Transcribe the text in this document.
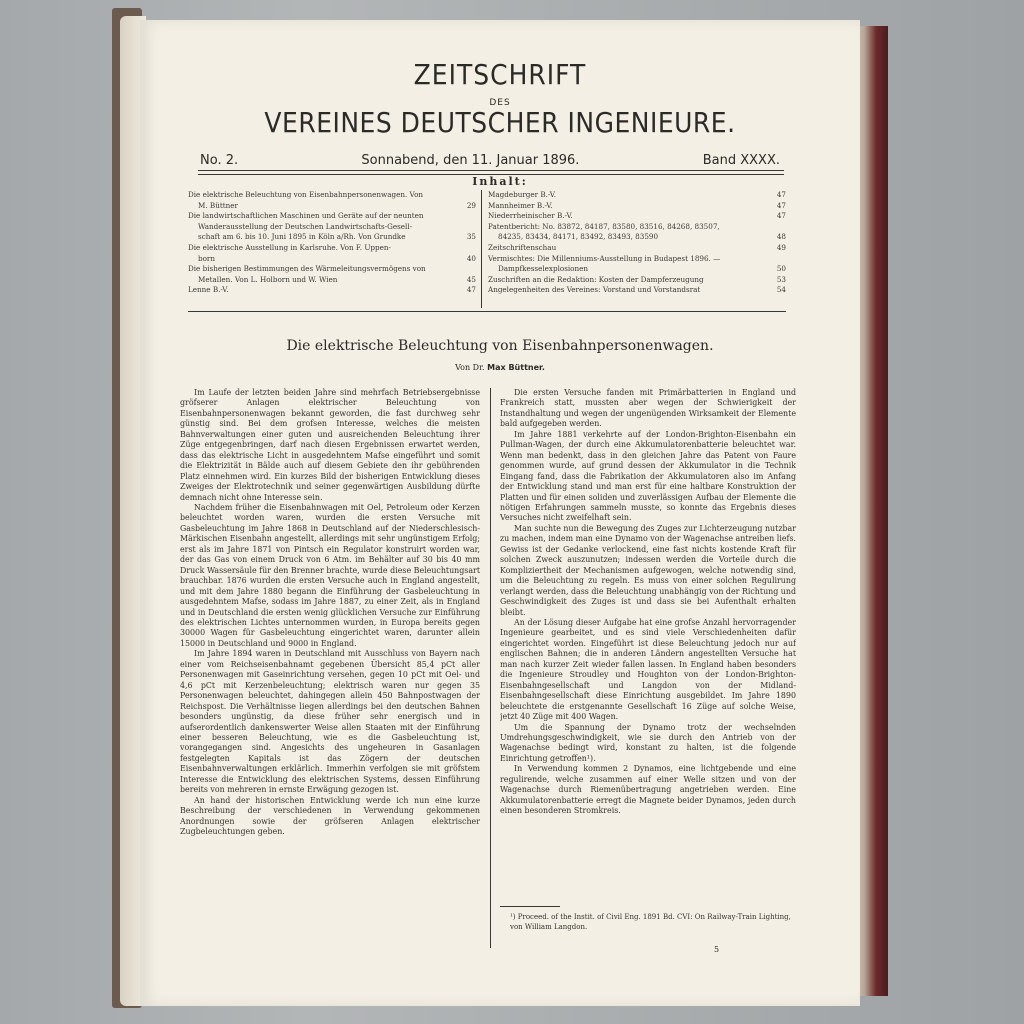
ZEITSCHRIFT
DES
VEREINES DEUTSCHER INGENIEURE.
No. 2.	Sonnabend, den 11. Januar 1896.	Band XXXX.
Inhalt:
Die elektrische Beleuchtung von Eisenbahnpersonenwagen. Von
M. Büttner	29
Die landwirtschaftlichen Maschinen und Geräte auf der neunten
Wanderausstellung der Deutschen Landwirtschafts-Gesell-
schaft am 6. bis 10. Juni 1895 in Köln a/Rh. Von Grundke	35
Die elektrische Ausstellung in Karlsruhe. Von F. Uppen-
born	40
Die bisherigen Bestimmungen des Wärmeleitungsvermögens von
Metallen. Von L. Holborn und W. Wien	45
Lenne B.-V.	47
Magdeburger B.-V.	47
Mannheimer B.-V.	47
Niederrheinischer B.-V.	47
Patentbericht: No. 83872, 84187, 83580, 83516, 84268, 83507,
84235, 83434, 84171, 83492, 83493, 83590	48
Zeitschriftenschau	49
Vermischtes: Die Millenniums-Ausstellung in Budapest 1896. —
Dampfkesselexplosionen	50
Zuschriften an die Redaktion: Kosten der Dampferzeugung	53
Angelegenheiten des Vereines: Vorstand und Vorstandsrat	54
Die elektrische Beleuchtung von Eisenbahnpersonenwagen.
Von Dr. Max Büttner.

Im Laufe der letzten beiden Jahre sind mehrfach Betriebsergebnisse gröfserer Anlagen elektrischer Beleuchtung von Eisenbahnpersonenwagen bekannt geworden, die fast durchweg sehr günstig sind. Bei dem grofsen Interesse, welches die meisten Bahnverwaltungen einer guten und ausreichenden Beleuchtung ihrer Züge entgegenbringen, darf nach diesen Ergebnissen erwartet werden, dass das elektrische Licht in ausgedehntem Mafse eingeführt und somit die Elektrizität in Bälde auch auf diesem Gebiete den ihr gebührenden Platz einnehmen wird. Ein kurzes Bild der bisherigen Entwicklung dieses Zweiges der Elektrotechnik und seiner gegenwärtigen Ausbildung dürfte demnach nicht ohne Interesse sein.

Nachdem früher die Eisenbahnwagen mit Oel, Petroleum oder Kerzen beleuchtet worden waren, wurden die ersten Versuche mit Gasbeleuchtung im Jahre 1868 in Deutschland auf der Niederschlesisch-Märkischen Eisenbahn angestellt, allerdings mit sehr ungünstigem Erfolg; erst als im Jahre 1871 von Pintsch ein Regulator konstruirt worden war, der das Gas von einem Druck von 6 Atm. im Behälter auf 30 bis 40 mm Druck Wassersäule für den Brenner brachte, wurde diese Beleuchtungsart brauchbar. 1876 wurden die ersten Versuche auch in England angestellt, und mit dem Jahre 1880 begann die Einführung der Gasbeleuchtung in ausgedehntem Mafse, sodass im Jahre 1887, zu einer Zeit, als in England und in Deutschland die ersten wenig glücklichen Versuche zur Einführung des elektrischen Lichtes unternommen wurden, in Europa bereits gegen 30000 Wagen für Gasbeleuchtung eingerichtet waren, darunter allein 15000 in Deutschland und 9000 in England.

Im Jahre 1894 waren in Deutschland mit Ausschluss von Bayern nach einer vom Reichseisenbahnamt gegebenen Übersicht 85,4 pCt aller Personenwagen mit Gaseinrichtung versehen, gegen 10 pCt mit Oel- und 4,6 pCt mit Kerzenbeleuchtung; elektrisch waren nur gegen 35 Personenwagen beleuchtet, dahingegen allein 450 Bahnpostwagen der Reichspost. Die Verhältnisse liegen allerdings bei den deutschen Bahnen besonders ungünstig, da diese früher sehr energisch und in aufserordentlich dankenswerter Weise allen Staaten mit der Einführung einer besseren Beleuchtung, wie es die Gasbeleuchtung ist, vorangegangen sind. Angesichts des ungeheuren in Gasanlagen festgelegten Kapitals ist das Zögern der deutschen Eisenbahnverwaltungen erklärlich. Immerhin verfolgen sie mit gröfstem Interesse die Entwicklung des elektrischen Systems, dessen Einführung bereits von mehreren in ernste Erwägung gezogen ist.

An hand der historischen Entwicklung werde ich nun eine kurze Beschreibung der verschiedenen in Verwendung gekommenen Anordnungen sowie der gröfseren Anlagen elektrischer Zugbeleuchtungen geben.

Die ersten Versuche fanden mit Primärbatterien in England und Frankreich statt, mussten aber wegen der Schwierigkeit der Instandhaltung und wegen der ungenügenden Wirksamkeit der Elemente bald aufgegeben werden.

Im Jahre 1881 verkehrte auf der London-Brighton-Eisenbahn ein Pullman-Wagen, der durch eine Akkumulatorenbatterie beleuchtet war. Wenn man bedenkt, dass in den gleichen Jahre das Patent von Faure genommen wurde, auf grund dessen der Akkumulator in die Technik Eingang fand, dass die Fabrikation der Akkumulatoren also im Anfang der Entwicklung stand und man erst für eine haltbare Konstruktion der Platten und für einen soliden und zuverlässigen Aufbau der Elemente die nötigen Erfahrungen sammeln musste, so konnte das Ergebnis dieses Versuches nicht zweifelhaft sein.

Man suchte nun die Bewegung des Zuges zur Lichterzeugung nutzbar zu machen, indem man eine Dynamo von der Wagenachse antreiben liefs. Gewiss ist der Gedanke verlockend, eine fast nichts kostende Kraft für solchen Zweck auszunutzen; indessen werden die Vorteile durch die Kompliziertheit der Mechanismen aufgewogen, welche notwendig sind, um die Beleuchtung zu regeln. Es muss von einer solchen Regulirung verlangt werden, dass die Beleuchtung unabhängig von der Richtung und Geschwindigkeit des Zuges ist und dass sie bei Aufenthalt erhalten bleibt.

An der Lösung dieser Aufgabe hat eine grofse Anzahl hervorragender Ingenieure gearbeitet, und es sind viele Verschiedenheiten dafür eingerichtet worden. Eingeführt ist diese Beleuchtung jedoch nur auf englischen Bahnen; die in anderen Ländern angestellten Versuche hat man nach kurzer Zeit wieder fallen lassen. In England haben besonders die Ingenieure Stroudley und Houghton von der London-Brighton-Eisenbahngesellschaft und Langdon von der Midland-Eisenbahngesellschaft diese Einrichtung ausgebildet. Im Jahre 1890 beleuchtete die erstgenannte Gesellschaft 16 Züge auf solche Weise, jetzt 40 Züge mit 400 Wagen.

Um die Spannung der Dynamo trotz der wechselnden Umdrehungsgeschwindigkeit, wie sie durch den Antrieb von der Wagenachse bedingt wird, konstant zu halten, ist die folgende Einrichtung getroffen¹).

In Verwendung kommen 2 Dynamos, eine lichtgebende und eine regulirende, welche zusammen auf einer Welle sitzen und von der Wagenachse durch Riemenübertragung angetrieben werden. Eine Akkumulatorenbatterie erregt die Magnete beider Dynamos, jeden durch einen besonderen Stromkreis.

¹) Proceed. of the Instit. of Civil Eng. 1891 Bd. CVI: On Railway-Train Lighting, von William Langdon.
5
